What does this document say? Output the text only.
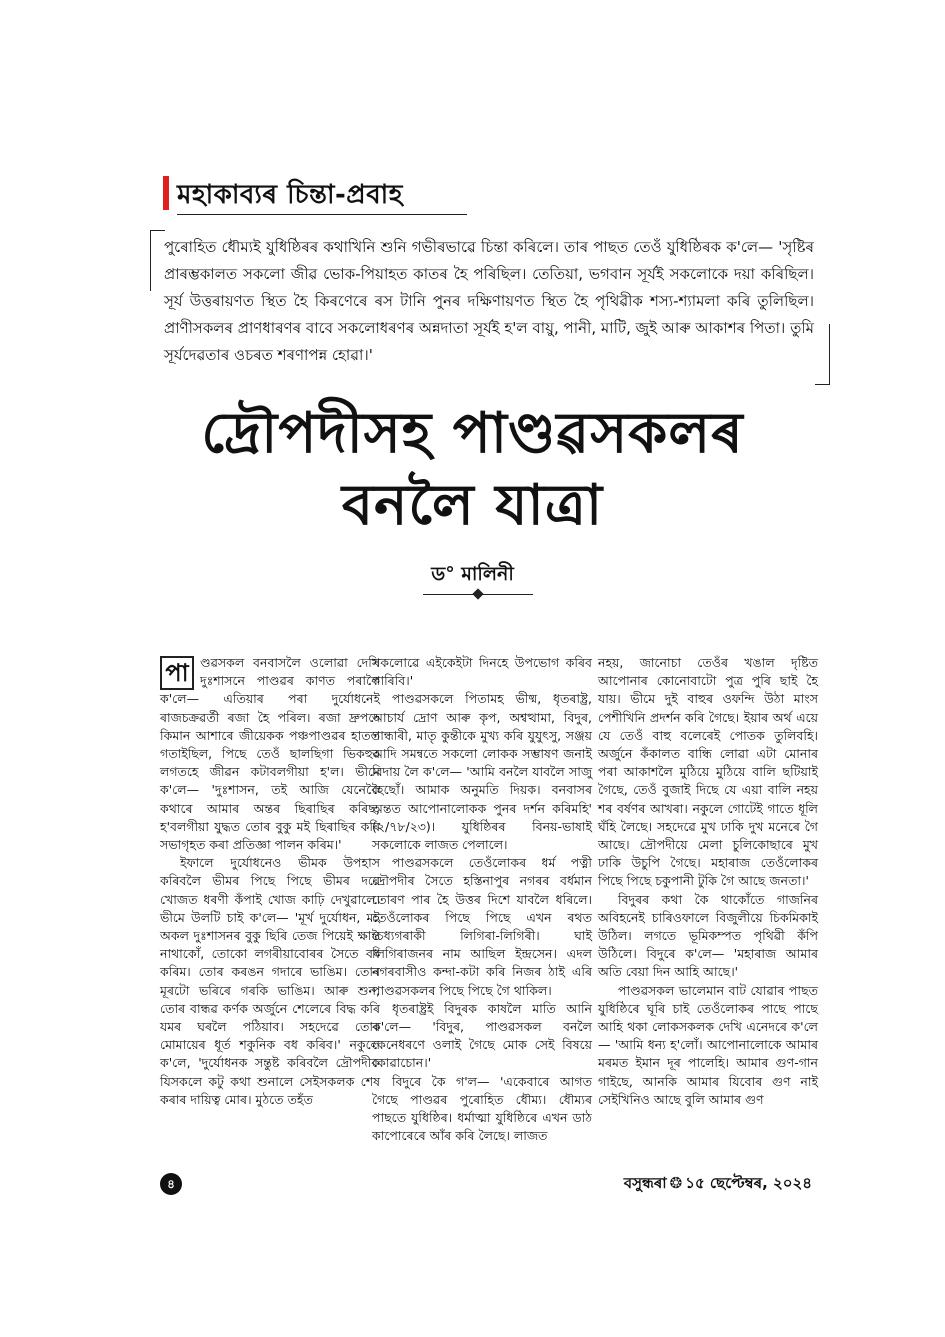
মহাকাব্যৰ চিন্তা-প্ৰবাহ
পুৰোহিত ধৌম্যই যুধিষ্ঠিৰৰ কথাখিনি শুনি গভীৰভাৱে চিন্তা কৰিলে। তাৰ পাছত তেওঁ যুধিষ্ঠিৰক ক'লে— 'সৃষ্টিৰ প্ৰাৰম্ভকালত সকলো জীৱ ভোক-পিয়াহত কাতৰ হৈ পৰিছিল। তেতিয়া, ভগবান সূৰ্যই সকলোকে দয়া কৰিছিল। সূৰ্য উত্তৰায়ণত স্থিত হৈ কিৰণেৰে ৰস টানি পুনৰ দক্ষিণায়ণত স্থিত হৈ পৃথিৱীক শস্য-শ্যামলা কৰি তুলিছিল। প্ৰাণীসকলৰ প্ৰাণধাৰণৰ বাবে সকলোধৰণৰ অন্নদাতা সূৰ্যই হ'ল বায়ু, পানী, মাটি, জুই আৰু আকাশৰ পিতা। তুমি সূৰ্যদেৱতাৰ ওচৰত শৰণাপন্ন হোৱা।'
দ্ৰৌপদীসহ পাণ্ডৱসকলৰ
বনলৈ যাত্ৰা
ড° মালিনী

পা ণ্ডৱসকল বনবাসলৈ ওলোৱা দেখি দুঃশাসনে পাণ্ডৱৰ কাণত পৰাকৈ ক'লে— এতিয়াৰ পৰা দুৰ্যোধনেই ৰাজচক্ৰৱৰ্তী ৰজা হৈ পৰিল। ৰজা দ্ৰুপদে কিমান আশাৰে জীয়েকক পঞ্চপাণ্ডৱৰ হাতত গতাইছিল, পিছে তেওঁ ছালছিগা ভিকহুৱ লগতহে জীৱন কটাবলগীয়া হ'ল। ভীমে ক'লে— 'দুঃশাসন, তই আজি যেনেকৈ কথাৰে আমাৰ অন্তৰ ছিৰাছিৰ কৰিছ, হ'বলগীয়া যুদ্ধত তোৰ বুকু মই ছিৰাছিৰ কৰি সভাগৃহত কৰা প্ৰতিজ্ঞা পালন কৰিম।'

ইফালে দুৰ্যোধনেও ভীমক উপহাস কৰিবলৈ ভীমৰ পিছে পিছে ভীমৰ দৰে খোজত ধৰণী কঁপাই খোজ কাঢ়ি দেখুৱালে। ভীমে উলটি চাই ক'লে— 'মূৰ্খ দুৰ্যোধন, মই অকল দুঃশাসনৰ বুকু ছিৰি তেজ পিয়েই ক্ষান্ত নাথাকোঁ, তোকো লগৰীয়াবোৰৰ সৈতে বধ কৰিম। তোৰ কৰঙন গদাৰে ভাঙিম। তোৰ মূৰটো ভৰিৰে গৰকি ভাঙিম। আৰু শুন, তোৰ বান্ধৱ কৰ্ণক অৰ্জুনে শেলেৰে বিদ্ধ কৰি যমৰ ঘৰলৈ পঠিয়াব। সহদেৱে তোৰ মোমায়েৰ ধূৰ্ত শকুনিক বধ কৰিব।' নকুলে ক'লে, 'দুৰ্যোধনক সন্তুষ্ট কৰিবলৈ দ্ৰৌপদীক যিসকলে কটু কথা শুনালে সেইসকলক শেষ কৰাৰ দায়িত্ব মোৰ। মুঠতে তহঁত

সকলোৱে এইকেইটা দিনহে উপভোগ কৰিব পাৰিবি।'

পাণ্ডৱসকলে পিতামহ ভীষ্ম, ধৃতৰাষ্ট্ৰ, আচাৰ্য দ্ৰোণ আৰু কৃপ, অশ্বত্থামা, বিদুৰ, গান্ধাৰী, মাতৃ কুন্তীকে মুখ্য কৰি যুযুৎসু, সঞ্জয় আদি সমন্বতে সকলো লোকক সম্ভাষণ জনাই বিদায় লৈ ক'লে— 'আমি বনলৈ যাবলৈ সাজু হৈছোঁ। আমাক অনুমতি দিয়ক। বনবাসৰ অন্তত আপোনালোকক পুনৰ দৰ্শন কৰিমহি' (২/৭৮/২৩)। যুধিষ্ঠিৰৰ বিনয়-ভাষাই সকলোকে লাজত পেলালে।

পাণ্ডৱসকলে তেওঁলোকৰ ধৰ্ম পত্নী দ্ৰৌপদীৰ সৈতে হস্তিনাপুৰ নগৰৰ বৰ্ধমান তোৰণ পাৰ হৈ উত্তৰ দিশে যাবলৈ ধৰিলে। তেওঁলোকৰ পিছে পিছে এখন ৰথত চৈধ্যগৰাকী লিগিৰা-লিগিৰী। ঘাই লিগিৰাজনৰ নাম আছিল ইন্দ্ৰসেন। এদল নগৰবাসীও কন্দা-কটা কৰি নিজৰ ঠাই এৰি পাণ্ডৱসকলৰ পিছে পিছে গৈ থাকিল।

ধৃতৰাষ্ট্ৰই বিদুৰক কাষলৈ মাতি আনি ক'লে— 'বিদুৰ, পাণ্ডৱসকল বনলৈ কেনেধৰণে ওলাই গৈছে মোক সেই বিষয়ে কোৱাচোন।'

বিদুৰে কৈ গ'ল— 'একেবাৰে আগত গৈছে পাণ্ডৱৰ পুৰোহিত ধৌম্য। ধৌম্যৰ পাছতে যুধিষ্ঠিৰ। ধৰ্মাত্মা যুধিষ্ঠিৰে এখন ডাঠ কাপোৰেৰে আঁৰ কৰি লৈছে। লাজত

নহয়, জানোচা তেওঁৰ খঙাল দৃষ্টিত আপোনাৰ কোনোবাটো পুত্ৰ পুৰি ছাই হৈ যায়। ভীমে দুই বাহুৰ ওফন্দি উঠা মাংস পেশীখিনি প্ৰদৰ্শন কৰি গৈছে। ইয়াৰ অৰ্থ এয়ে যে তেওঁ বাহু বলেৰেই পোতক তুলিবহি। অৰ্জুনে কঁকালত বান্ধি লোৱা এটা মোনাৰ পৰা আকাশলৈ মুঠিয়ে মুঠিয়ে বালি ছটিয়াই গৈছে, তেওঁ বুজাই দিছে যে এয়া বালি নহয় শৰ বৰ্ষণৰ আখৰা। নকুলে গোটেই গাতে ধূলি ঘঁহি লৈছে। সহদেৱে মুখ ঢাকি দুখ মনেৰে গৈ আছে। দ্ৰৌপদীয়ে মেলা চুলিকোছাৰে মুখ ঢাকি উচুপি গৈছে। মহাৰাজ তেওঁলোকৰ পিছে পিছে চকুপানী টুকি গৈ আছে জনতা।'

বিদুৰৰ কথা কৈ থাকোঁতে গাজনিৰ অবিহনেই চাৰিওফালে বিজুলীয়ে চিকমিকাই উঠিল। লগতে ভূমিকম্পত পৃথিৱী কঁপি উঠিলে। বিদুৰে ক'লে— 'মহাৰাজ আমাৰ অতি বেয়া দিন আহি আছে।'

পাণ্ডৱসকল ভালেমান বাট যোৱাৰ পাছত যুধিষ্ঠিৰে ঘূৰি চাই তেওঁলোকৰ পাছে পাছে আহি থকা লোকসকলক দেখি এনেদৰে ক'লে— 'আমি ধন্য হ'লোঁ। আপোনালোকে আমাৰ মৰমত ইমান দূৰ পালেহি। আমাৰ গুণ-গান গাইছে, আনকি আমাৰ যিবোৰ গুণ নাই সেইখিনিও আছে বুলি আমাৰ গুণ

৪	বসুন্ধৰা ❂ ১৫ ছেপ্টেম্বৰ, ২০২৪
